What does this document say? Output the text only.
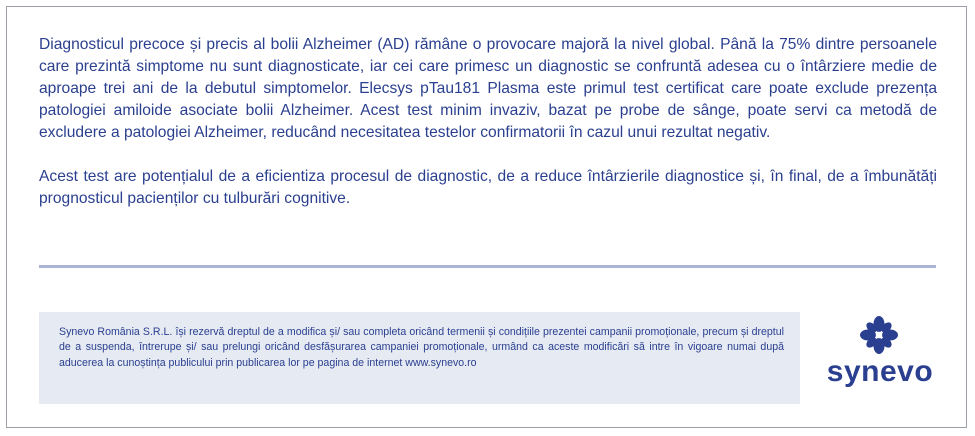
Diagnosticul precoce și precis al bolii Alzheimer (AD) rămâne o provocare majoră la nivel global. Până la 75% dintre persoanele care prezintă simptome nu sunt diagnosticate, iar cei care primesc un diagnostic se confruntă adesea cu o întârziere medie de aproape trei ani de la debutul simptomelor. Elecsys pTau181 Plasma este primul test certificat care poate exclude prezența patologiei amiloide asociate bolii Alzheimer. Acest test minim invaziv, bazat pe probe de sânge, poate servi ca metodă de excludere a patologiei Alzheimer, reducând necesitatea testelor confirmatorii în cazul unui rezultat negativ.

Acest test are potențialul de a eficientiza procesul de diagnostic, de a reduce întârzierile diagnostice și, în final, de a îmbunătăți prognosticul pacienților cu tulburări cognitive.

Synevo România S.R.L. își rezervă dreptul de a modifica și/ sau completa oricând termenii și condițiile prezentei campanii promoționale, precum și dreptul de a suspenda, întrerupe și/ sau prelungi oricând desfășurarea campaniei promoționale, urmând ca aceste modificări să intre în vigoare numai după aducerea la cunoștința publicului prin publicarea lor pe pagina de internet www.synevo.ro	synevo
